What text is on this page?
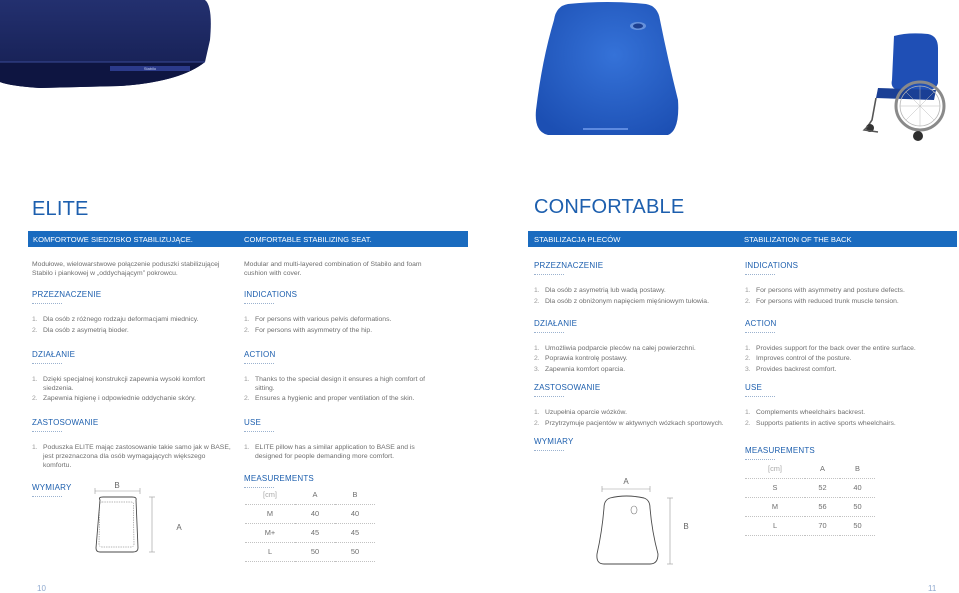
Stabilo
ELITE
KOMFORTOWE SIEDZISKO STABILIZUJĄCE.	COMFORTABLE STABILIZING SEAT.
Modułowe, wielowarstwowe połączenie poduszki stabilizującej Stabilo i piankowej w „oddychającym” pokrowcu.
PRZEZNACZENIE
1. Dla osób z różnego rodzaju deformacjami miednicy.
2. Dla osób z asymetrią bioder.
DZIAŁANIE
1. Dzięki specjalnej konstrukcji zapewnia wysoki komfort siedzenia.
2. Zapewnia higienę i odpowiednie oddychanie skóry.
ZASTOSOWANIE
1. Poduszka ELITE mając zastosowanie takie samo jak w BASE, jest przeznaczona dla osób wymagających większego komfortu.
WYMIARY
Modular and multi-layered combination of Stabilo and foam cushion with cover.
INDICATIONS
1. For persons with various pelvis deformations.
2. For persons with asymmetry of the hip.
ACTION
1. Thanks to the special design it ensures a high comfort of sitting.
2. Ensures a hygienic and proper ventilation of the skin.
USE
1. ELITE pillow has a similar application to BASE and is designed for people demanding more comfort.
MEASUREMENTS
B
A
[cm]	A	B
M	40	40
M+	45	45
L	50	50
10
CONFORTABLE
STABILIZACJA PLECÓW	STABILIZATION OF THE BACK
PRZEZNACZENIE
1. Dla osób z asymetrią lub wadą postawy.
2. Dla osób z obniżonym napięciem mięśniowym tułowia.
DZIAŁANIE
1. Umożliwia podparcie pleców na całej powierzchni.
2. Poprawia kontrolę postawy.
3. Zapewnia komfort oparcia.
ZASTOSOWANIE
1. Uzupełnia oparcie wózków.
2. Przytrzymuje pacjentów w aktywnych wózkach sportowych.
WYMIARY
INDICATIONS
1. For persons with asymmetry and posture defects.
2. For persons with reduced trunk muscle tension.
ACTION
1. Provides support for the back over the entire surface.
2. Improves control of the posture.
3. Provides backrest comfort.
USE
1. Complements wheelchairs backrest.
2. Supports patients in active sports wheelchairs.
MEASUREMENTS
A
B
[cm]	A	B
S	52	40
M	56	50
L	70	50
11
